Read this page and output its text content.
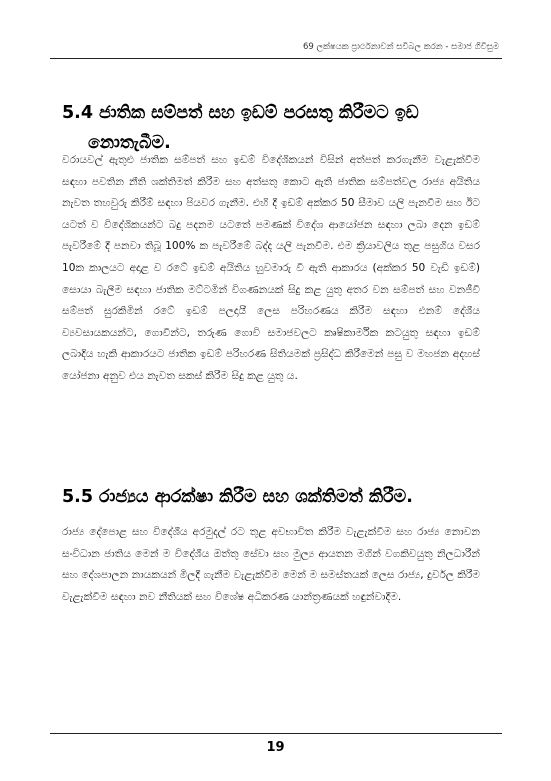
69 ලක්ෂයක ප්‍රාර්ථනාවන් සවිබල කරන - සමාජ ගිවිසුම
5.4 ජාතික සම්පත් සහ ඉඩම් පරසතු කිරීමට ඉඩ
නොතැබීම.

වරායවල් ඇතුළු ජාතික සම්පත් සහ ඉඩම් විදේශිකයන් විසින් අත්පත් කරගැනීම වැළැක්වීම සඳහා පවතින නීති ශක්තිමත් කිරීම සහ අත්සතු කොට ඇති ජාතික සම්පත්වල රාජ්‍ය අයිතිය නැවත තහවුරු කිරීම් සඳහා පියවර ගැනීම. එහි දී ඉඩම් අක්කර 50 සීමාව යලි පැනවීම සහ ඊට යටත් ව විදේශිකයන්ට බදු පදනම යටතේ පමණක් විදේශ ආයෝජන සඳහා ලබා දෙන ඉඩම් පැවරීමේ දී පනවා තිබූ 100% ක පැවරීමේ බද්ද යලි පැනවීම. එම ක්‍රියාවලිය තුළ පසුගිය වසර 10ක කාලයට අදාළ ව රටේ ඉඩම් අයිතිය හුවමාරු වී ඇති ආකාරය (අක්කර 50 වැඩි ඉඩම්) සොයා බැලීම සඳහා ජාතික මට්ටමින් විගණනයක් සිදු කළ යුතු අතර වන සම්පත් සහ වනජීවී සම්පත් සුරකිමින් රටේ ඉඩම් පලදායී ලෙස පරිහරණය කිරීම සඳහා එනම් දේශීය ව්‍යවසායකයන්ට, ගොවීන්ට, තරුණ ගොවි සමාජවලට කෘෂිකාර්මික කටයුතු සඳහා ඉඩම් ලබාදිය හැකි ආකාරයට ජාතික ඉඩම් පරිහරණ සිතියමක් ප්‍රසිද්ධ කිරීමෙන් පසු ව මහජන අදහස් යෝජනා අනුව එය නැවත සකස් කිරීම සිදු කළ යුතු ය.

5.5 රාජ්‍යය ආරක්ෂා කිරීම සහ ශක්තිමත් කිරීම.

රාජ්‍ය දේපොළ සහ විදේශීය අරමුදල් රට තුළ අවභාවිත කිරීම වැළැක්වීම සහ රාජ්‍ය නොවන සංවිධාන ජාතිය මෙන් ම විදේශීය ඔත්තු සේවා සහ මුල්‍ය ආයතන මගින් වගකිවයුතු නිලධාරීන් සහ දේශපාලන නායකයන් මිලදී ගැනීම වැළැක්වීම මෙන් ම සමස්තයක් ලෙස රාජ්‍ය, දුර්වල කිරීම වැළැක්වීම සඳහා නව නීතියක් සහ විශේෂ අධිකරණ යාන්ත්‍රණයක් හඳුන්වාදීම.

19
